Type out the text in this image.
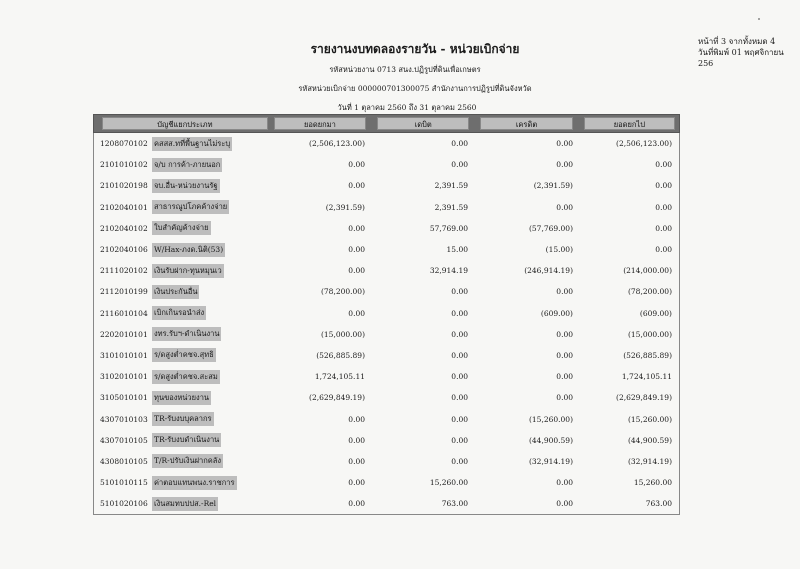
หน้าที่ 3 จากทั้งหมด 4
วันที่พิมพ์ 01 พฤศจิกายน 256
รายงานงบทดลองรายวัน - หน่วยเบิกจ่าย
รหัสหน่วยงาน 0713 สนง.ปฏิรูปที่ดินเพื่อเกษตร
รหัสหน่วยเบิกจ่าย 000000701300075 สำนักงานการปฏิรูปที่ดินจังหวัด
วันที่ 1 ตุลาคม 2560 ถึง 31 ตุลาคม 2560
บัญชีแยกประเภท	ยอดยกมา	เดบิต	เครดิต	ยอดยกไป
1208070102 คสสส.ทที่พื้นฐานไม่ระบุ	(2,506,123.00)	0.00	0.00	(2,506,123.00)
2101010102 จ/บ การค้า-ภายนอก	0.00	0.00	0.00	0.00
2101020198 จบ.อื่น-หน่วยงานรัฐ	0.00	2,391.59	(2,391.59)	0.00
2102040101 สาธารณูปโภคค้างจ่าย	(2,391.59)	2,391.59	0.00	0.00
2102040102 ใบสำคัญค้างจ่าย	0.00	57,769.00	(57,769.00)	0.00
2102040106 W/Hax-ภงด.นิติ(53)	0.00	15.00	(15.00)	0.00
2111020102 เงินรับฝาก-ทุนหมุนเว	0.00	32,914.19	(246,914.19)	(214,000.00)
2112010199 เงินประกันอื่น	(78,200.00)	0.00	0.00	(78,200.00)
2116010104 เบิกเกินรอนำส่ง	0.00	0.00	(609.00)	(609.00)
2202010101 งทร.รับฯ-ดำเนินงาน	(15,000.00)	0.00	0.00	(15,000.00)
3101010101 ร/ดสูงต่ำคชจ.สุทธิ	(526,885.89)	0.00	0.00	(526,885.89)
3102010101 ร/ดสูงต่ำคชจ.สะสม	1,724,105.11	0.00	0.00	1,724,105.11
3105010101 ทุนของหน่วยงาน	(2,629,849.19)	0.00	0.00	(2,629,849.19)
4307010103 TR-รับงบบุคลากร	0.00	0.00	(15,260.00)	(15,260.00)
4307010105 TR-รับงบดำเนินงาน	0.00	0.00	(44,900.59)	(44,900.59)
4308010105 T/R-ปรับเงินฝากคลัง	0.00	0.00	(32,914.19)	(32,914.19)
5101010115 ค่าตอบแทนพนง.ราชการ	0.00	15,260.00	0.00	15,260.00
5101020106 เงินสมทบปปส.-Rel	0.00	763.00	0.00	763.00
